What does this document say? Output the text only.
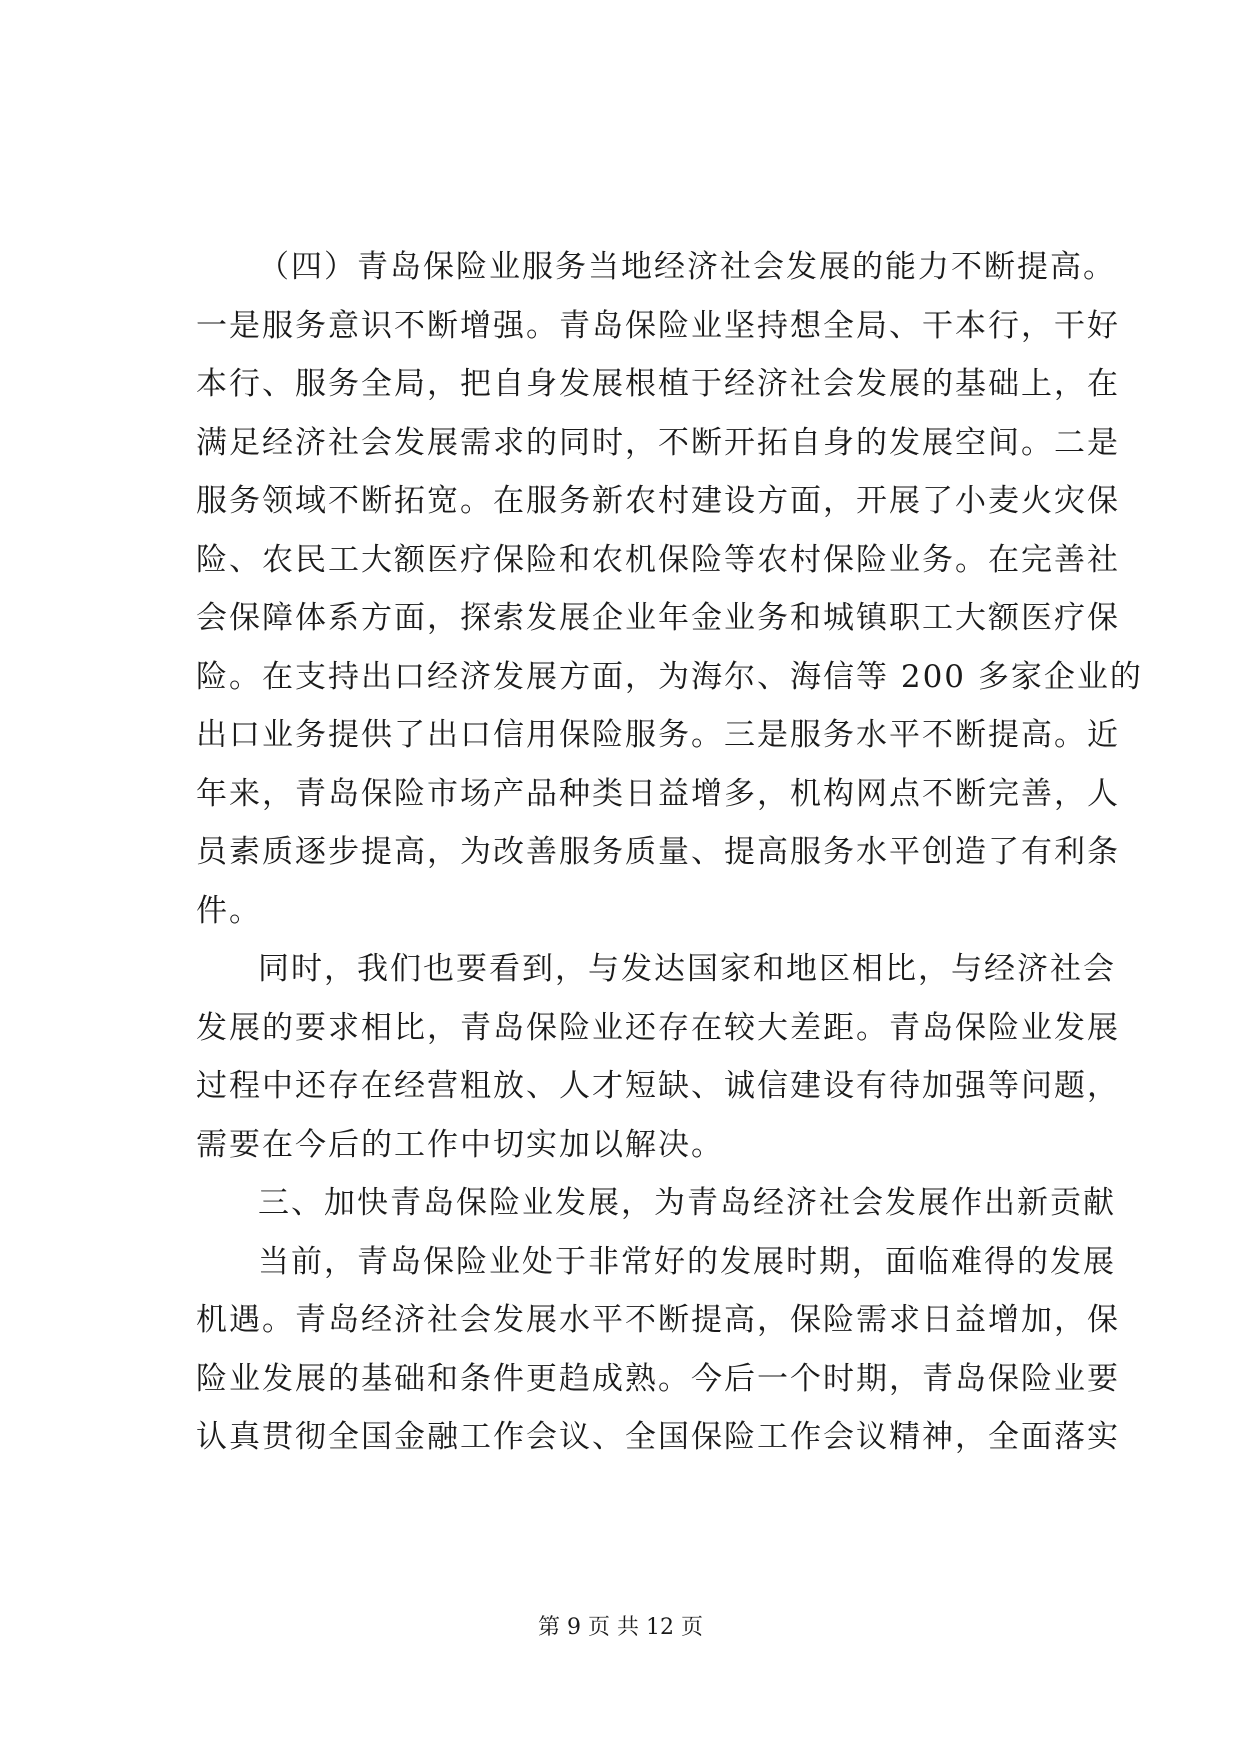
（四）青岛保险业服务当地经济社会发展的能力不断提高。
一是服务意识不断增强。青岛保险业坚持想全局、干本行，干好
本行、服务全局，把自身发展根植于经济社会发展的基础上，在
满足经济社会发展需求的同时，不断开拓自身的发展空间。二是
服务领域不断拓宽。在服务新农村建设方面，开展了小麦火灾保
险、农民工大额医疗保险和农机保险等农村保险业务。在完善社
会保障体系方面，探索发展企业年金业务和城镇职工大额医疗保
险。在支持出口经济发展方面，为海尔、海信等 200 多家企业的
出口业务提供了出口信用保险服务。三是服务水平不断提高。近
年来，青岛保险市场产品种类日益增多，机构网点不断完善，人
员素质逐步提高，为改善服务质量、提高服务水平创造了有利条
件。
同时，我们也要看到，与发达国家和地区相比，与经济社会
发展的要求相比，青岛保险业还存在较大差距。青岛保险业发展
过程中还存在经营粗放、人才短缺、诚信建设有待加强等问题，
需要在今后的工作中切实加以解决。
三、加快青岛保险业发展，为青岛经济社会发展作出新贡献
当前，青岛保险业处于非常好的发展时期，面临难得的发展
机遇。青岛经济社会发展水平不断提高，保险需求日益增加，保
险业发展的基础和条件更趋成熟。今后一个时期，青岛保险业要
认真贯彻全国金融工作会议、全国保险工作会议精神，全面落实
第 9 页 共 12 页
